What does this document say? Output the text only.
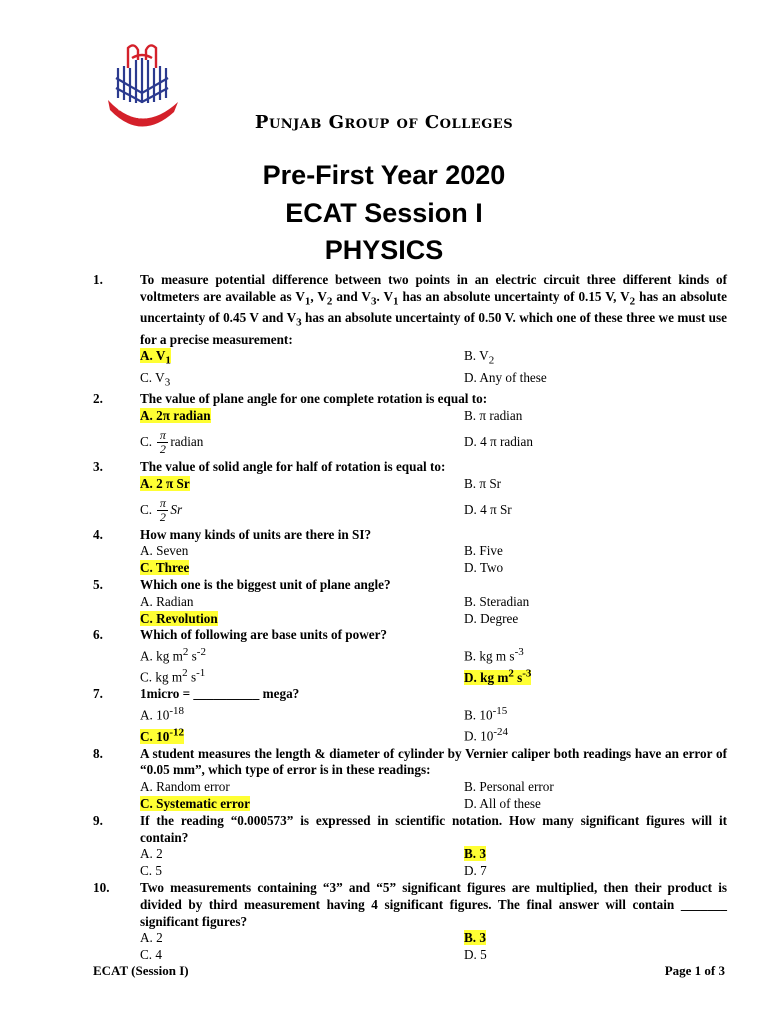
PUNJAB GROUP OF COLLEG
Punjab Group of Colleges
Pre-First Year 2020
ECAT Session I
PHYSICS
1.	To measure potential difference between two points in an electric circuit three different kinds of voltmeters are available as $V_1$, $V_2$ and $V_3$. $V_1$ has an absolute uncertainty of 0.15 V, $V_2$ has an absolute uncertainty of 0.45 V and $V_3$ has an absolute uncertainty of 0.50 V. which one of these three we must use for a precise measurement:
A. $V_1$	B. $V_2$
C. $V_3$	D. Any of these
2.	The value of plane angle for one complete rotation is equal to:
A. 2π radian	B. π radian
C. $\frac{\pi}{2}$ radian	D. 4 π radian
3.	The value of solid angle for half of rotation is equal to:
A. 2 π Sr	B. π Sr
C. $\frac{\pi}{2}$ Sr	D. 4 π Sr
4.	How many kinds of units are there in SI?
A. Seven	B. Five
C. Three	D. Two
5.	Which one is the biggest unit of plane angle?
A. Radian	B. Steradian
C. Revolution	D. Degree
6.	Which of following are base units of power?
A. kg $m^2$ $s^{-2}$	B. kg m $s^{-3}$
C. kg $m^2$ $s^{-1}$	D. kg $m^2$ $s^{-3}$
7.	1micro = __________ mega?
A. $10^{-18}$	B. $10^{-15}$
C. $10^{-12}$	D. $10^{-24}$
8.	A student measures the length & diameter of cylinder by Vernier caliper both readings have an error of “0.05 mm”, which type of error is in these readings:
A. Random error	B. Personal error
C. Systematic error	D. All of these
9.	If the reading “0.000573” is expressed in scientific notation. How many significant figures will it contain?
A. 2	B. 3
C. 5	D. 7
10.	Two measurements containing “3” and “5” significant figures are multiplied, then their product is divided by third measurement having 4 significant figures. The final answer will contain _______ significant figures?
A. 2	B. 3
C. 4	D. 5
ECAT (Session I)	Page 1 of 3
